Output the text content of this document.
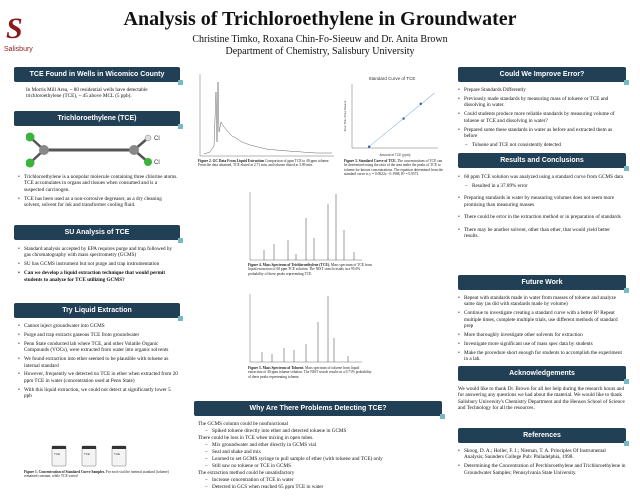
S
Salisbury
Analysis of Trichloroethylene in Groundwater
Christine Timko, Roxana Chin-Fo-Sieeuw and Dr. Anita Brown
Department of Chemistry, Salisbury University
TCE Found in Wells in Wicomico County
In Morris Mill Area, ~ 80 residential wells have detectable trichloroethylene (TCE), ~ 45 above MCL (5 ppb).
Trichloroethylene (TCE)
Cl
Cl
• Trichloroethylene is a nonpolar molecule containing three chlorine atoms. TCE accumulates in organs and tissues when consumed and is a suspected carcinogen.
• TCE has been used as a non-corrosive degreaser, as a dry cleaning solvent, solvent for ink and transformer cooling fluid.
SU Analysis of TCE
• Standard analysis accepted by EPA requires purge and trap followed by gas chromatography with mass spectrometry (GCMS)
• SU has GCMS instrument but not purge and trap instrumentation
• Can we develop a liquid extraction technique that would permit students to analyze for TCE utilizing GCMS?
Try Liquid Extraction
• Cannot inject groundwater into GCMS
• Purge and trap extracts gaseous TCE from groundwater
• Penn State conducted lab where TCE, and other Volatile Organic Compounds (VOCs), were extracted from water into organic solvents
• We found extraction into ether seemed to be plausible with toluene as internal standard
• However, frequently we detected no TCE in ether when extracted from 20 ppm TCE in water (concentration used at Penn State)
• With this liquid extraction, we could not detect at significantly lower 5 ppb
TCE	TCE	TCE
Figure 1. Concentration of Standard Curve Samples. For each vial the internal standard (toluene) remained constant, while TCE varied
Figure 2. GC Data From Liquid Extraction Comparison of ppm TCE to 40 ppm toluene. From the data obtained, TCE eluted at 2.71 min, and toluene eluted at 3.09 min.
Standard Curve of TCE
Amount of TCE (ppm)
Area TCE / Area Toluene
Figure 3. Standard Curve of TCE. The concentrations of TCE can be determined using the ratio of the area under the peaks of TCE to toluene for known concentrations. The equation determined from the standard curve is y = 0.0022x - 0.1968, R² = 0.9572
Figure 4. Mass Spectrum of Trichloroethylene (TCE). Mass spectrum of TCE from liquid extraction of 60 ppm TCE solution. The NIST search results in a 95.6% probability of these peaks representing TCE.
Figure 5. Mass Spectrum of Toluene. Mass spectrum of toluene from liquid extraction of 40 ppm toluene solution. The NIST search results in a 9.71% probability of these peaks representing toluene.
Why Are There Problems Detecting TCE?
The GCMS column could be nonfunctional
– Spiked toluene directly into ether and detected toluene in GCMS
There could be loss in TCE when mixing in open tubes.
– Mix groundwater and ether directly in GCMS vial
– Seal and shake and mix
– Learned to set GCMS syringe to pull sample of ether (with toluene and TCE) only
– Still saw no toluene or TCE in GCMS
The extraction method could be unsatisfactory
– Increase concentration of TCE in water
– Detected in GCS when reached 65 ppm TCE in water
Could We Improve Error?
• Prepare Standards Differently
• Previously made standards by measuring mass of toluene or TCE and dissolving in water.
• Could students produce more reliable standards by measuring volume of toluene or TCE and dissolving in water?
• Prepared some these standards in water as before and extracted them as before
– Toluene and TCE not consistently detected
Results and Conclusions
• 60 ppm TCE solution was analyzed using a standard curve from GCMS data
– Resulted in a 37.89% error
• Preparing standards in water by measuring volumes does not seem more promising than measuring masses
• There could be error in the extraction method or in preparation of standards
• There may be another solvent, other than ether, that would yield better results.
Future Work
• Repeat with standards made in water from masses of toluene and analyze same day (as did with standards made by volume)
• Continue to investigate creating a standard curve with a better R² Repeat multiple times, complete multiple trials, use different methods of standard prep
• More thoroughly investigate other solvents for extraction
• Investigate more significant use of mass spec data by students
• Make the procedure short enough for students to accomplish the experiment in a lab.
Acknowledgements
We would like to thank Dr. Brown for all her help during the research hours and for answering any questions we had about the material. We would like to thank Salisbury University's Chemistry Department and the Henson School of Science and Technology for all the resources.
References
• Skoog, D. A.; Holler, F. J.; Nieman, T. A. Principles Of Instrumental Analysis; Saunders College Pub: Philadelphia, 1998.
• Determining the Concentration of Perchloroethylene and Trichloroethylene in Groundwater Samples; Pennsylvania State University.
